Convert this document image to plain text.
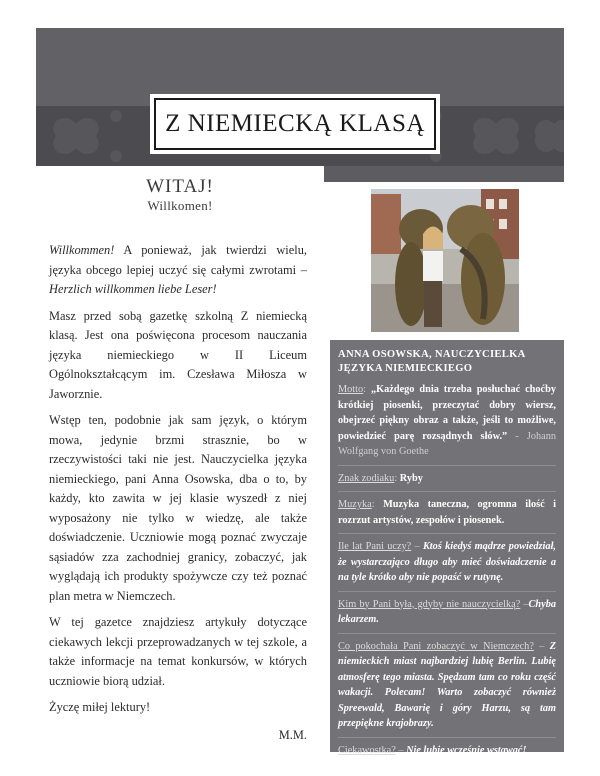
Z NIEMIECKĄ KLASĄ
WITAJ!
Willkomen!

Willkommen! A ponieważ, jak twierdzi wielu, języka obcego lepiej uczyć się całymi zwrotami – Herzlich willkommen liebe Leser!

Masz przed sobą gazetkę szkolną Z niemiecką klasą. Jest ona poświęcona procesom nauczania języka niemieckiego w II Liceum Ogólnokształcącym im. Czesława Miłosza w Jaworznie.

Wstęp ten, podobnie jak sam język, o którym mowa, jedynie brzmi strasznie, bo w rzeczywistości taki nie jest. Nauczycielka języka niemieckiego, pani Anna Osowska, dba o to, by każdy, kto zawita w jej klasie wyszedł z niej wyposażony nie tylko w wiedzę, ale także doświadczenie. Uczniowie mogą poznać zwyczaje sąsiadów zza zachodniej granicy, zobaczyć, jak wyglądają ich produkty spożywcze czy też poznać plan metra w Niemczech.

W tej gazetce znajdziesz artykuły dotyczące ciekawych lekcji przeprowadzanych w tej szkole, a także informacje na temat konkursów, w których uczniowie biorą udział.

Życzę miłej lektury!

M.M.

ANNA OSOWSKA, NAUCZYCIELKA JĘZYKA NIEMIECKIEGO
Motto: „Każdego dnia trzeba posłuchać choćby krótkiej piosenki, przeczytać dobry wiersz, obejrzeć piękny obraz a także, jeśli to możliwe, powiedzieć parę rozsądnych słów.” - Johann Wolfgang von Goethe
Znak zodiaku: Ryby
Muzyka: Muzyka taneczna, ogromna ilość i rozrzut artystów, zespołów i piosenek.
Ile lat Pani uczy? – Ktoś kiedyś mądrze powiedział, że wystarczająco długo aby mieć doświadczenie a na tyle krótko aby nie popaść w rutynę.
Kim by Pani była, gdyby nie nauczycielką? –Chyba lekarzem.
Co pokochała Pani zobaczyć w Niemczech? – Z niemieckich miast najbardziej lubię Berlin. Lubię atmosferę tego miasta. Spędzam tam co roku część wakacji. Polecam! Warto zobaczyć również Spreewald, Bawarię i góry Harzu, są tam przepiękne krajobrazy.
Ciekawostka? – Nie lubię wcześnie wstawać!
